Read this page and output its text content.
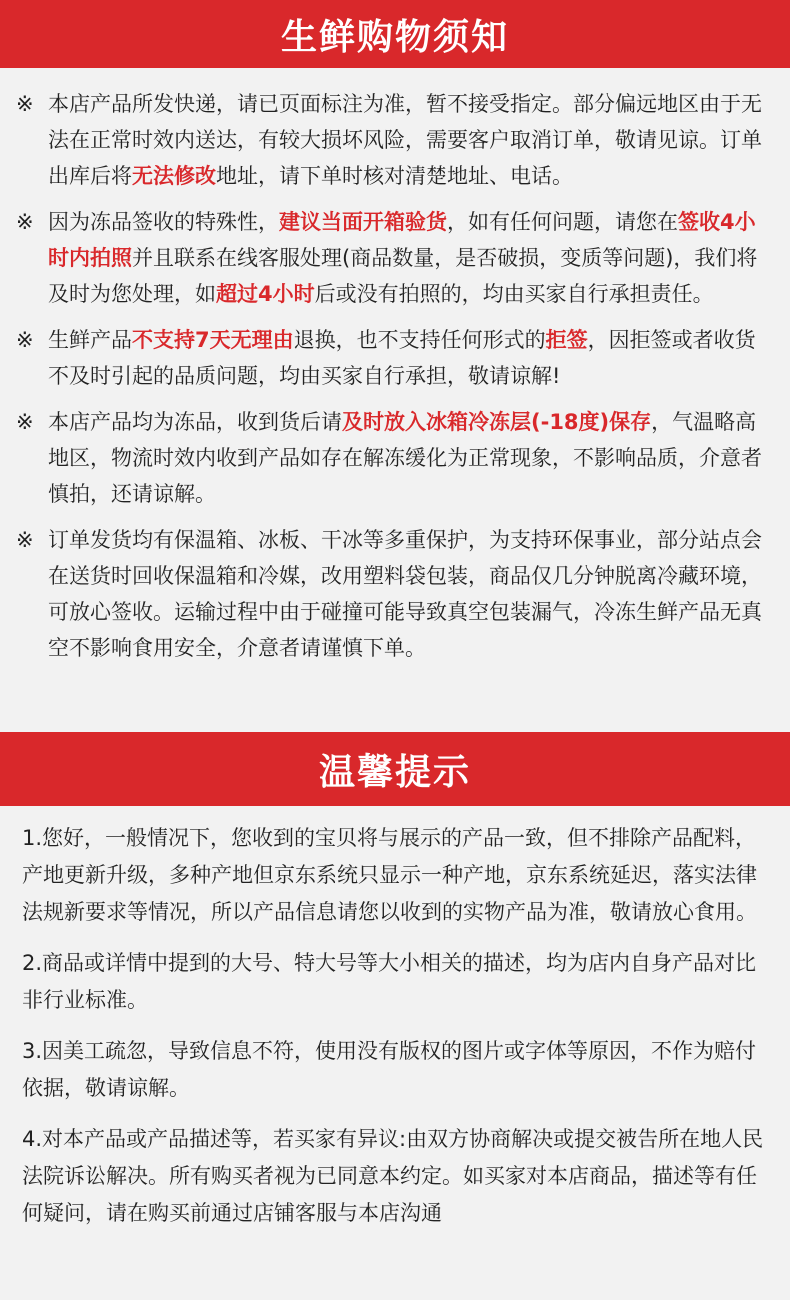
生鲜购物须知
※ 本店产品所发快递，请已页面标注为准，暂不接受指定。部分偏远地区由于无法在正常时效内送达，有较大损坏风险，需要客户取消订单，敬请见谅。订单出库后将无法修改地址，请下单时核对清楚地址、电话。
※ 因为冻品签收的特殊性，建议当面开箱验货，如有任何问题，请您在签收4小时内拍照并且联系在线客服处理(商品数量，是否破损，变质等问题)，我们将及时为您处理，如超过4小时后或没有拍照的，均由买家自行承担责任。
※ 生鲜产品不支持7天无理由退换，也不支持任何形式的拒签，因拒签或者收货不及时引起的品质问题，均由买家自行承担，敬请谅解!
※ 本店产品均为冻品，收到货后请及时放入冰箱冷冻层(-18度)保存，气温略高地区，物流时效内收到产品如存在解冻缓化为正常现象，不影响品质，介意者慎拍，还请谅解。
※ 订单发货均有保温箱、冰板、干冰等多重保护，为支持环保事业，部分站点会在送货时回收保温箱和冷媒，改用塑料袋包装，商品仅几分钟脱离冷藏环境，可放心签收。运输过程中由于碰撞可能导致真空包装漏气，冷冻生鲜产品无真空不影响食用安全，介意者请谨慎下单。
温馨提示
1.您好，一般情况下，您收到的宝贝将与展示的产品一致，但不排除产品配料，产地更新升级，多种产地但京东系统只显示一种产地，京东系统延迟，落实法律法规新要求等情况，所以产品信息请您以收到的实物产品为准，敬请放心食用。
2.商品或详情中提到的大号、特大号等大小相关的描述，均为店内自身产品对比非行业标准。
3.因美工疏忽，导致信息不符，使用没有版权的图片或字体等原因，不作为赔付依据，敬请谅解。
4.对本产品或产品描述等，若买家有异议:由双方协商解决或提交被告所在地人民法院诉讼解决。所有购买者视为已同意本约定。如买家对本店商品，描述等有任何疑问，请在购买前通过店铺客服与本店沟通
